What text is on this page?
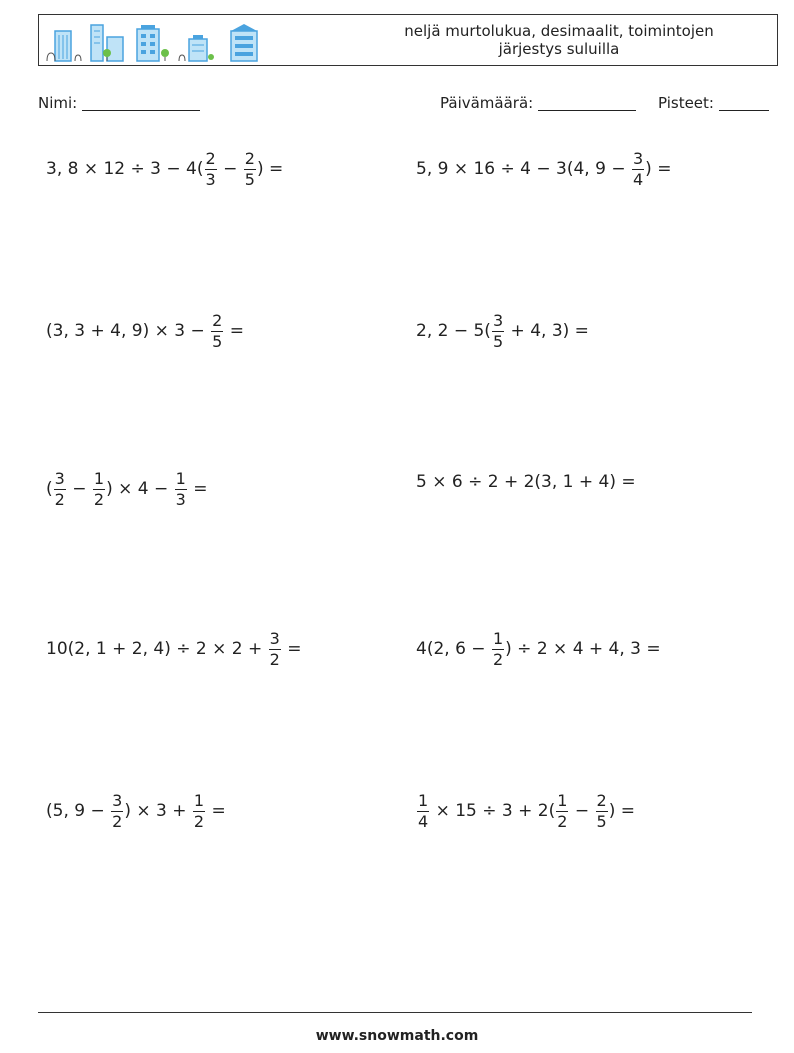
neljä murtolukua, desimaalit, toimintojen
järjestys suluilla
Nimi:	Päivämäärä:	Pisteet:
3, $8 \times 12 \div 3 - 4( \frac{2}{3} - \frac{2}{5}$ ) =	5, 9 × 16 ÷ 4 − 3(4, $9 - \frac{3}{4}$ ) =
(3, 3 + 4, $9) \times 3 - \frac{2}{5}$ =	2, $2 - 5( \frac{3}{5} + 4$, 3) =
( $\frac{3}{2} - \frac{1}{2}$ ) × $4 - \frac{1}{3}$ =	5 × 6 ÷ 2 + 2(3, 1 + 4) =
10(2, 1 + 2, $4) \div 2 \times 2 + \frac{3}{2}$ =	4(2, $6 - \frac{1}{2}$ ) ÷ 2 × 4 + 4, 3 =
(5, $9 - \frac{3}{2}$ ) × $3 + \frac{1}{2}$ =	$\frac{1}{4} \times 15 \div 3 + 2( \frac{1}{2} - \frac{2}{5}$ ) =
www.snowmath.com
